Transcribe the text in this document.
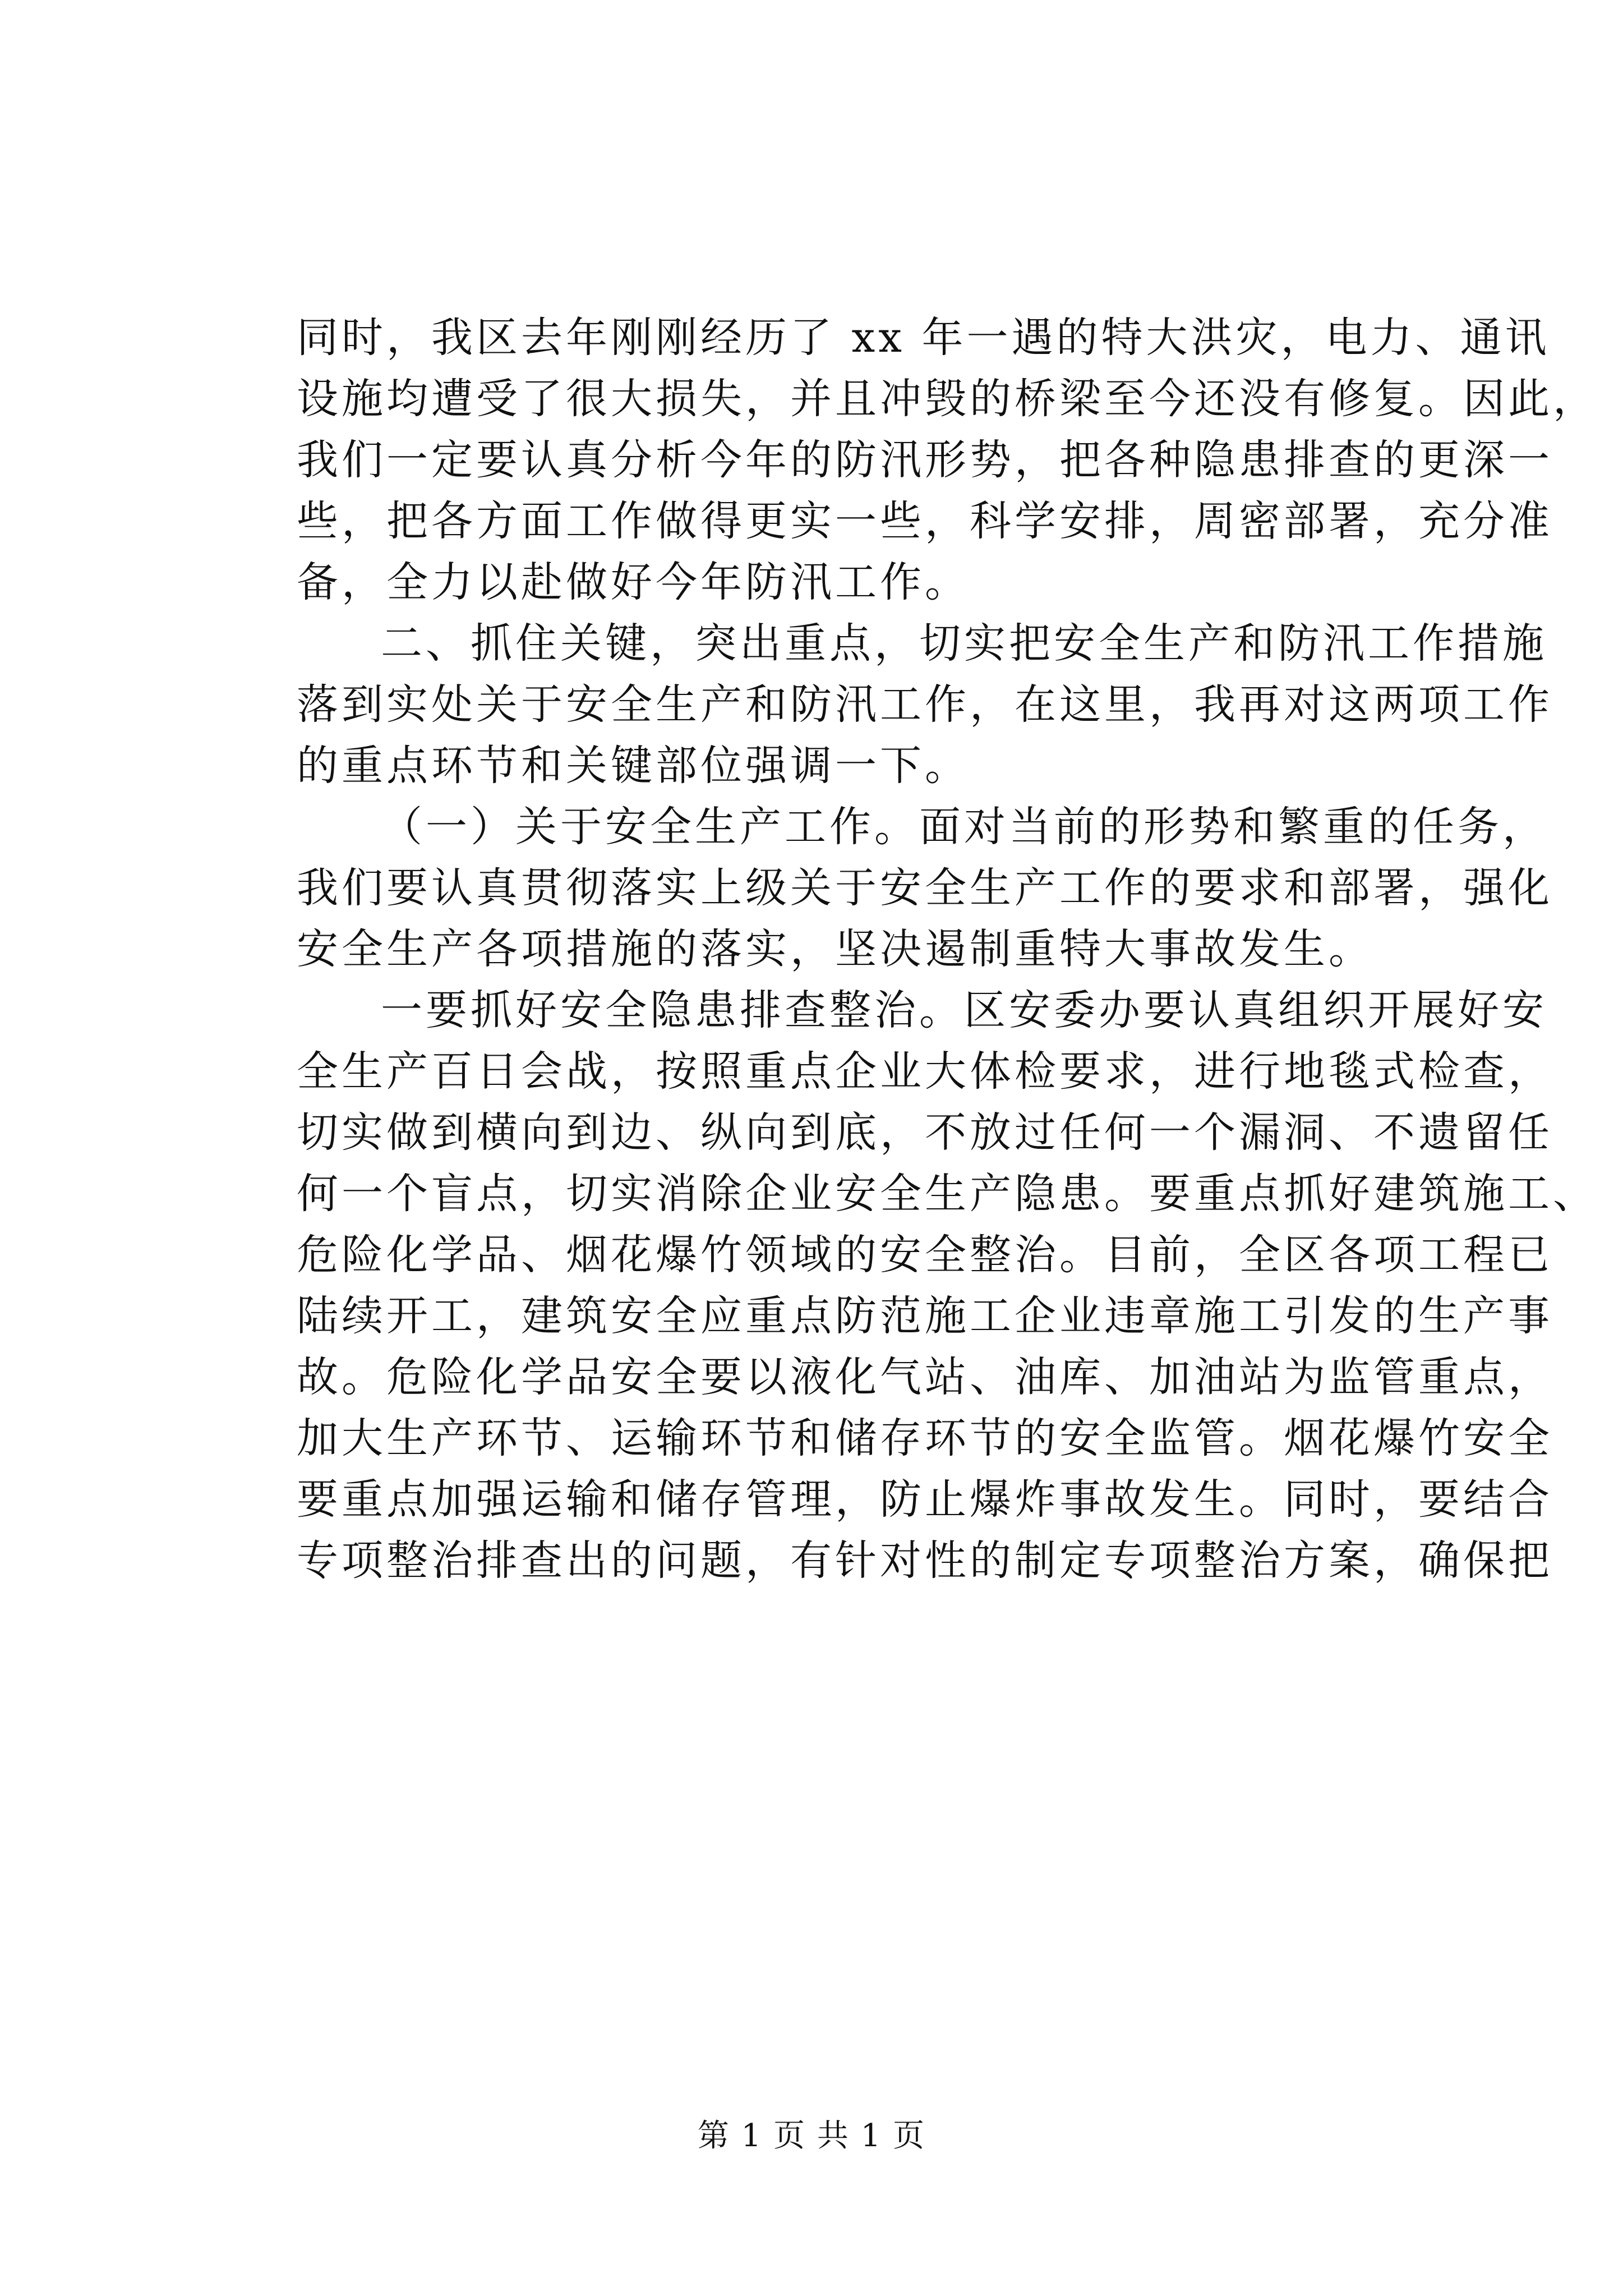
同时，我区去年刚刚经历了 xx 年一遇的特大洪灾，电力、通讯
设施均遭受了很大损失，并且冲毁的桥梁至今还没有修复。因此，
我们一定要认真分析今年的防汛形势，把各种隐患排查的更深一
些，把各方面工作做得更实一些，科学安排，周密部署，充分准
备，全力以赴做好今年防汛工作。
二、抓住关键，突出重点，切实把安全生产和防汛工作措施
落到实处关于安全生产和防汛工作，在这里，我再对这两项工作
的重点环节和关键部位强调一下。
（一）关于安全生产工作。面对当前的形势和繁重的任务，
我们要认真贯彻落实上级关于安全生产工作的要求和部署，强化
安全生产各项措施的落实，坚决遏制重特大事故发生。
一要抓好安全隐患排查整治。区安委办要认真组织开展好安
全生产百日会战，按照重点企业大体检要求，进行地毯式检查，
切实做到横向到边、纵向到底，不放过任何一个漏洞、不遗留任
何一个盲点，切实消除企业安全生产隐患。要重点抓好建筑施工、
危险化学品、烟花爆竹领域的安全整治。目前，全区各项工程已
陆续开工，建筑安全应重点防范施工企业违章施工引发的生产事
故。危险化学品安全要以液化气站、油库、加油站为监管重点，
加大生产环节、运输环节和储存环节的安全监管。烟花爆竹安全
要重点加强运输和储存管理，防止爆炸事故发生。同时，要结合
专项整治排查出的问题，有针对性的制定专项整治方案，确保把
第 1 页 共 1 页
